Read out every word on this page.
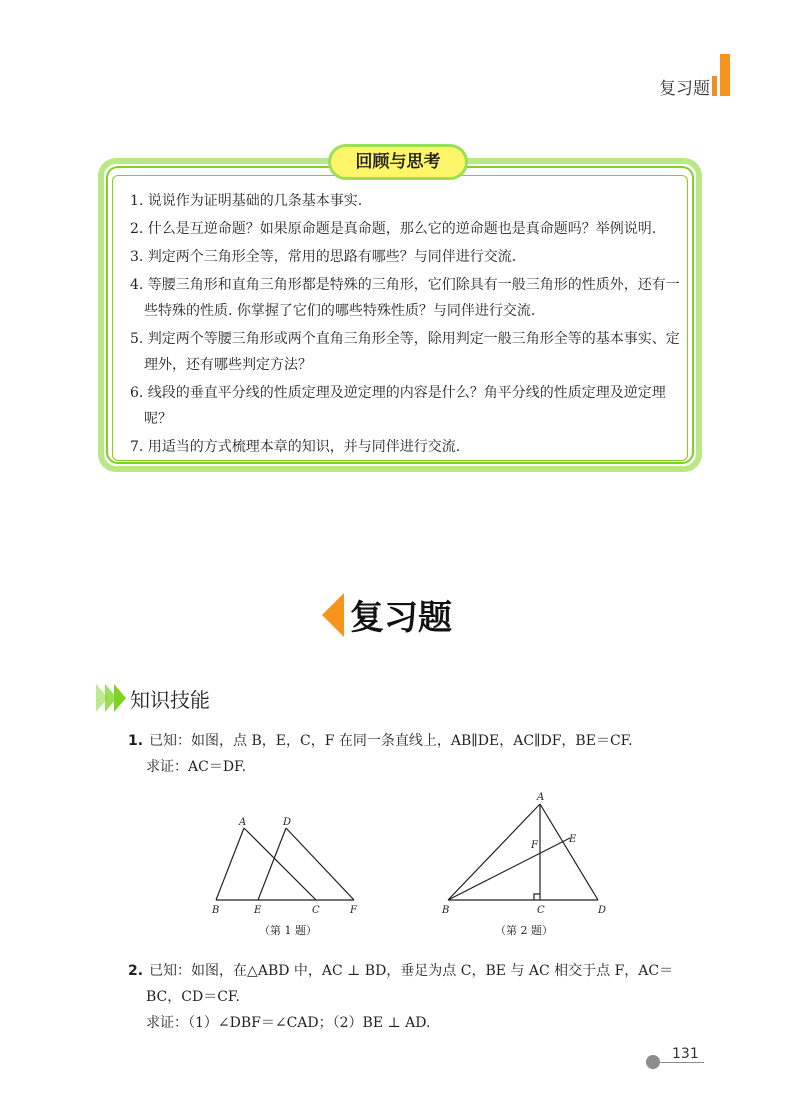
复习题
回顾与思考
1. 说说作为证明基础的几条基本事实.
2. 什么是互逆命题？如果原命题是真命题，那么它的逆命题也是真命题吗？举例说明.
3. 判定两个三角形全等，常用的思路有哪些？与同伴进行交流.
4. 等腰三角形和直角三角形都是特殊的三角形，它们除具有一般三角形的性质外，还有一些特殊的性质. 你掌握了它们的哪些特殊性质？与同伴进行交流.
5. 判定两个等腰三角形或两个直角三角形全等，除用判定一般三角形全等的基本事实、定理外，还有哪些判定方法？
6. 线段的垂直平分线的性质定理及逆定理的内容是什么？角平分线的性质定理及逆定理呢？
7. 用适当的方式梳理本章的知识，并与同伴进行交流.
复习题
知识技能
1. 已知：如图，点 B，E，C，F 在同一条直线上，AB∥DE，AC∥DF，BE＝CF.
求证：AC＝DF.
A	D
B	E	C	F
（第 1 题）
A
F
E
B	C	D
（第 2 题）
2. 已知：如图，在△ABD 中，AC ⊥ BD，垂足为点 C，BE 与 AC 相交于点 F，AC＝
BC，CD＝CF.
求证：（1）∠DBF＝∠CAD；（2）BE ⊥ AD.
131
